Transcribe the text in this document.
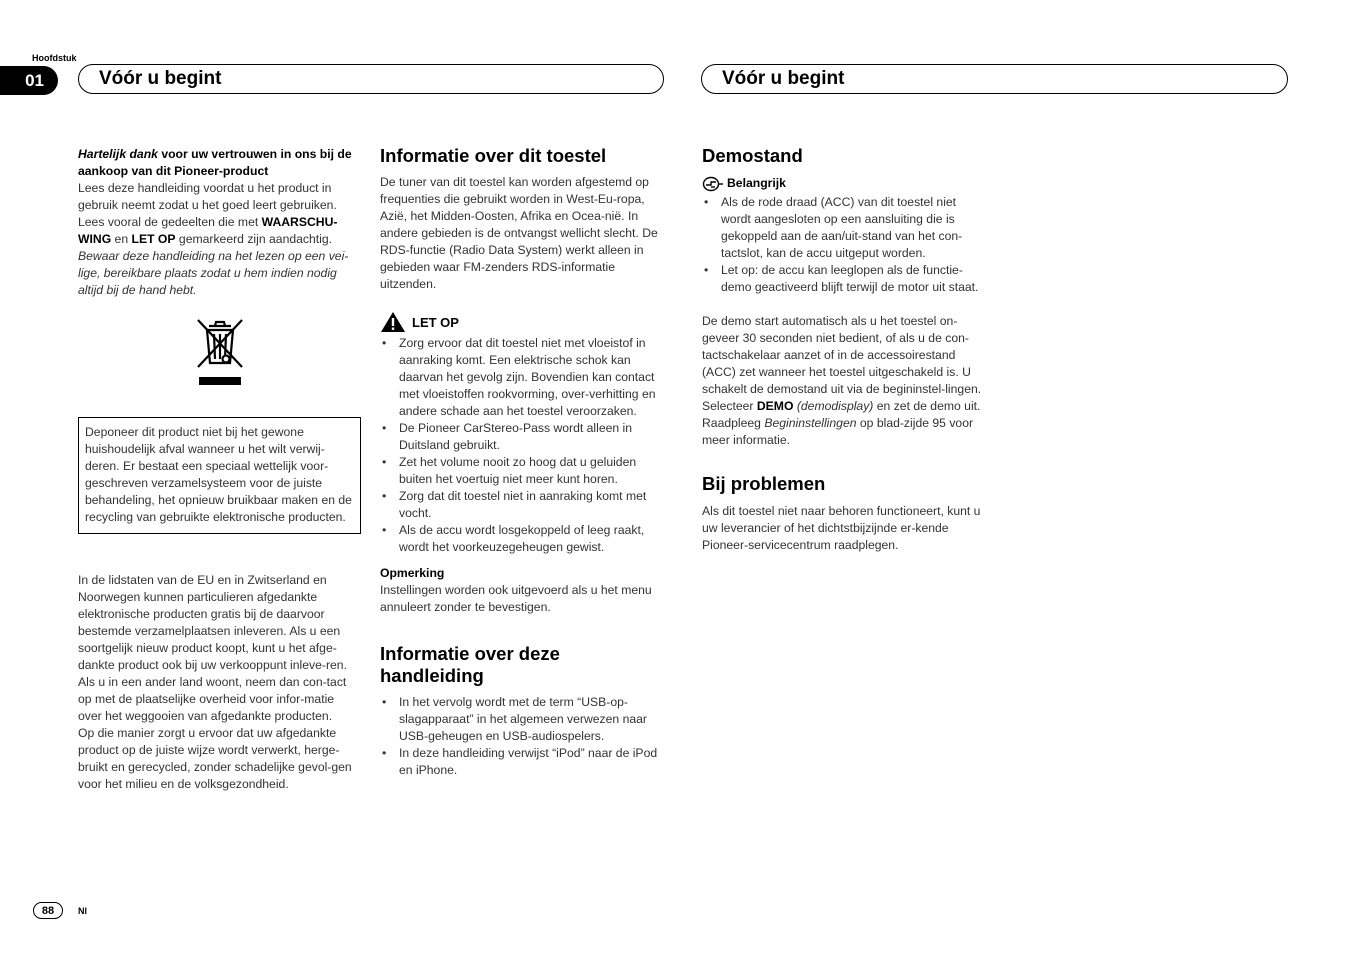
Hoofdstuk
01	Vóór u begint	Vóór u begint

Hartelijk dank voor uw vertrouwen in ons bij de aankoop van dit Pioneer-product
Lees deze handleiding voordat u het product in gebruik neemt zodat u het goed leert gebruiken. Lees vooral de gedeelten die met WAARSCHU-WING en LET OP gemarkeerd zijn aandachtig.

Bewaar deze handleiding na het lezen op een vei-lige, bereikbare plaats zodat u hem indien nodig altijd bij de hand hebt.

Deponeer dit product niet bij het gewone huishoudelijk afval wanneer u het wilt verwij-deren. Er bestaat een speciaal wettelijk voor-geschreven verzamelsysteem voor de juiste behandeling, het opnieuw bruikbaar maken en de recycling van gebruikte elektronische producten.

In de lidstaten van de EU en in Zwitserland en Noorwegen kunnen particulieren afgedankte elektronische producten gratis bij de daarvoor bestemde verzamelplaatsen inleveren. Als u een soortgelijk nieuw product koopt, kunt u het afge-dankte product ook bij uw verkooppunt inleve-ren.

Als u in een ander land woont, neem dan con-tact op met de plaatselijke overheid voor infor-matie over het weggooien van afgedankte producten.

Op die manier zorgt u ervoor dat uw afgedankte product op de juiste wijze wordt verwerkt, herge-bruikt en gerecycled, zonder schadelijke gevol-gen voor het milieu en de volksgezondheid.

Informatie over dit toestel

De tuner van dit toestel kan worden afgestemd op frequenties die gebruikt worden in West-Eu-ropa, Azië, het Midden-Oosten, Afrika en Ocea-nië. In andere gebieden is de ontvangst wellicht slecht. De RDS-functie (Radio Data System) werkt alleen in gebieden waar FM-zenders RDS-informatie uitzenden.

LET OP
• Zorg ervoor dat dit toestel niet met vloeistof in aanraking komt. Een elektrische schok kan daarvan het gevolg zijn. Bovendien kan contact met vloeistoffen rookvorming, over-verhitting en andere schade aan het toestel veroorzaken.
• De Pioneer CarStereo-Pass wordt alleen in Duitsland gebruikt.
• Zet het volume nooit zo hoog dat u geluiden buiten het voertuig niet meer kunt horen.
• Zorg dat dit toestel niet in aanraking komt met vocht.
• Als de accu wordt losgekoppeld of leeg raakt, wordt het voorkeuzegeheugen gewist.

Opmerking

Instellingen worden ook uitgevoerd als u het menu annuleert zonder te bevestigen.

Informatie over deze handleiding
• In het vervolg wordt met de term “USB-op-slagapparaat” in het algemeen verwezen naar USB-geheugen en USB-audiospelers.
• In deze handleiding verwijst “iPod” naar de iPod en iPhone.
Demostand
Belangrijk
• Als de rode draad (ACC) van dit toestel niet wordt aangesloten op een aansluiting die is gekoppeld aan de aan/uit-stand van het con-tactslot, kan de accu uitgeput worden.
• Let op: de accu kan leeglopen als de functie-demo geactiveerd blijft terwijl de motor uit staat.

De demo start automatisch als u het toestel on-geveer 30 seconden niet bedient, of als u de con-tactschakelaar aanzet of in de accessoirestand (ACC) zet wanneer het toestel uitgeschakeld is. U schakelt de demostand uit via de begininstel-lingen. Selecteer DEMO (demodisplay) en zet de demo uit. Raadpleeg Begininstellingen op blad-zijde 95 voor meer informatie.

Bij problemen

Als dit toestel niet naar behoren functioneert, kunt u uw leverancier of het dichtstbijzijnde er-kende Pioneer-servicecentrum raadplegen.

88	Nl
